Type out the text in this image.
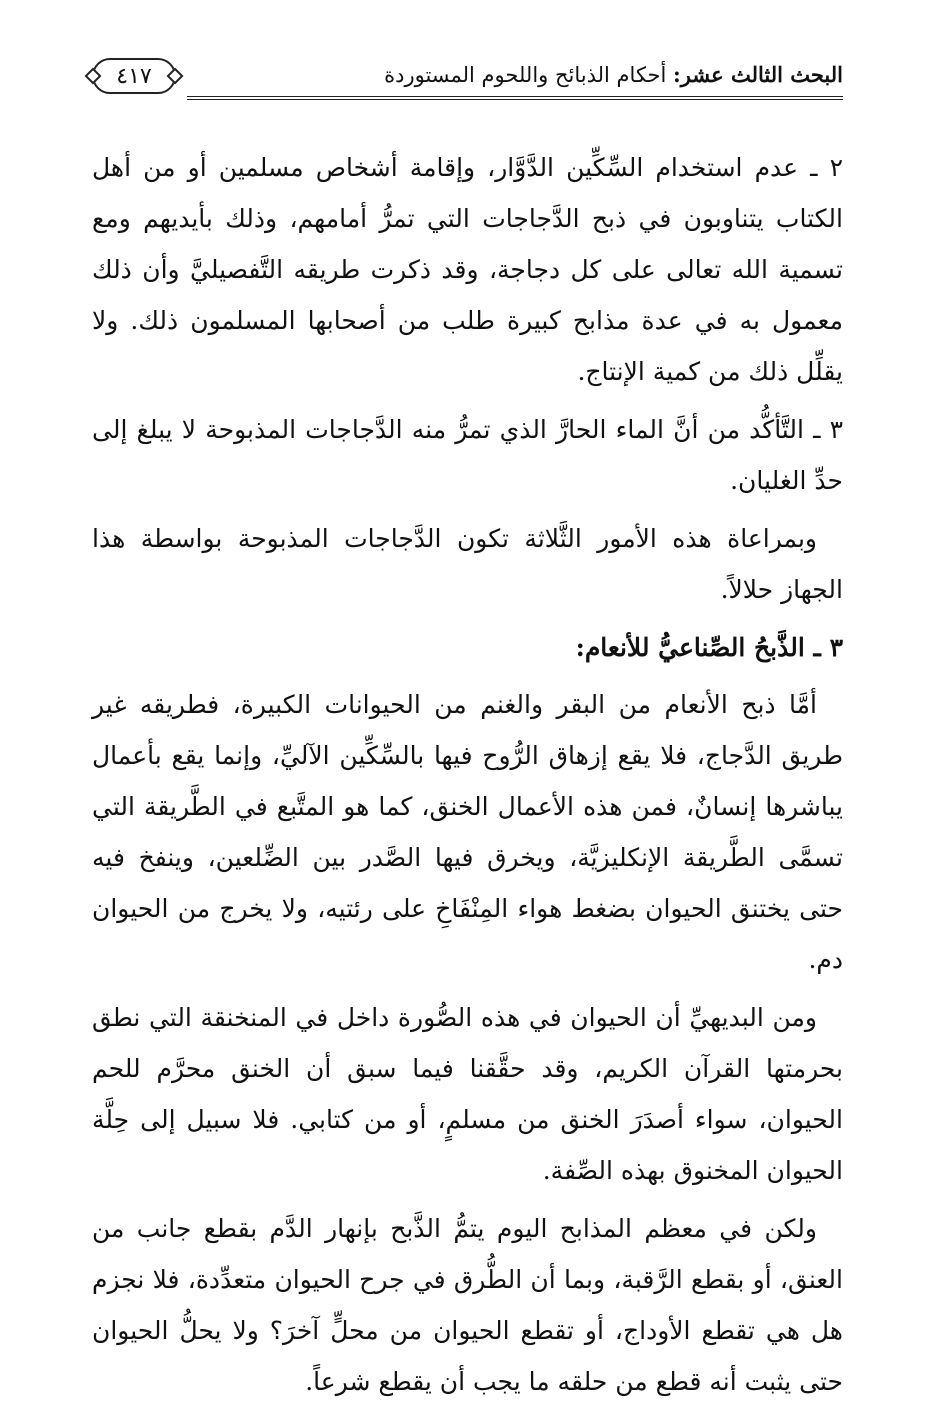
البحث الثالث عشر: أحكام الذبائح واللحوم المستوردة
٤١٧

٢ ـ عدم استخدام السِّكِّين الدَّوَّار، وإقامة أشخاص مسلمين أو من أهل الكتاب يتناوبون في ذبح الدَّجاجات التي تمرُّ أمامهم، وذلك بأيديهم ومع تسمية الله تعالى على كل دجاجة، وقد ذكرت طريقه التَّفصيليَّ وأن ذلك معمول به في عدة مذابح كبيرة طلب من أصحابها المسلمون ذلك. ولا يقلِّل ذلك من كمية الإنتاج.

٣ ـ التَّأكُّد من أنَّ الماء الحارَّ الذي تمرُّ منه الدَّجاجات المذبوحة لا يبلغ إلى حدِّ الغليان.

وبمراعاة هذه الأمور الثَّلاثة تكون الدَّجاجات المذبوحة بواسطة هذا الجهاز حلالاً.

٣ ـ الذَّبحُ الصِّناعيُّ للأنعام:

أمَّا ذبح الأنعام من البقر والغنم من الحيوانات الكبيرة، فطريقه غير طريق الدَّجاج، فلا يقع إزهاق الرُّوح فيها بالسِّكِّين الآليِّ، وإنما يقع بأعمال يباشرها إنسانٌ، فمن هذه الأعمال الخنق، كما هو المتَّبع في الطَّريقة التي تسمَّى الطَّريقة الإنكليزيَّة، ويخرق فيها الصَّدر بين الضِّلعين، وينفخ فيه حتى يختنق الحيوان بضغط هواء المِنْفَاخِ على رئتيه، ولا يخرج من الحيوان دم.

ومن البديهيِّ أن الحيوان في هذه الصُّورة داخل في المنخنقة التي نطق بحرمتها القرآن الكريم، وقد حقَّقنا فيما سبق أن الخنق محرَّم للحم الحيوان، سواء أصدَرَ الخنق من مسلمٍ، أو من كتابي. فلا سبيل إلى حِلَّة الحيوان المخنوق بهذه الصِّفة.

ولكن في معظم المذابح اليوم يتمُّ الذَّبح بإنهار الدَّم بقطع جانب من العنق، أو بقطع الرَّقبة، وبما أن الطُّرق في جرح الحيوان متعدِّدة، فلا نجزم هل هي تقطع الأوداج، أو تقطع الحيوان من محلٍّ آخرَ؟ ولا يحلُّ الحيوان حتى يثبت أنه قطع من حلقه ما يجب أن يقطع شرعاً.
